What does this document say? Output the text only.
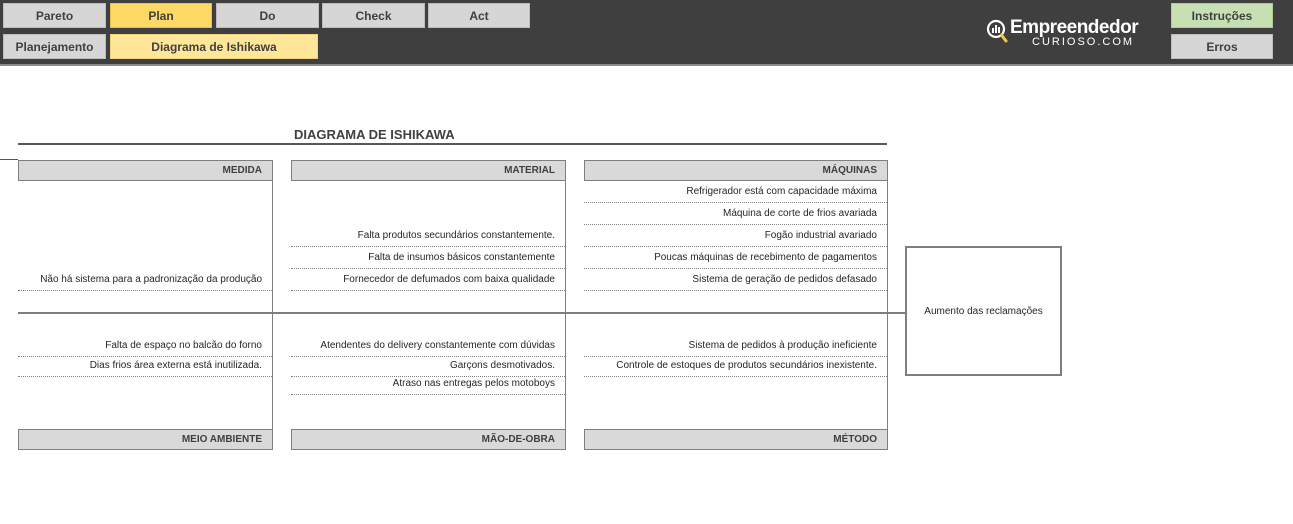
Pareto	Plan	Do	Check	Act
Planejamento	Diagrama de Ishikawa
Empreendedor
CURIOSO.COM
Instruções
Erros
DIAGRAMA DE ISHIKAWA
MEDIDA	MATERIAL	MÁQUINAS
MEIO AMBIENTE	MÃO-DE-OBRA	MÉTODO
Não há sistema para a padronização da produção
Falta produtos secundários constantemente.
Falta de insumos básicos constantemente
Fornecedor de defumados com baixa qualidade
Refrigerador está com capacidade máxima
Máquina de corte de frios avariada
Fogão industrial avariado
Poucas máquinas de recebimento de pagamentos
Sistema de geração de pedidos defasado
Falta de espaço no balcão do forno
Dias frios área externa está inutilizada.
Atendentes do delivery constantemente com dúvidas
Garçons desmotivados.
Atraso nas entregas pelos motoboys
Sistema de pedidos à produção ineficiente
Controle de estoques de produtos secundários inexistente.
Aumento das reclamações
